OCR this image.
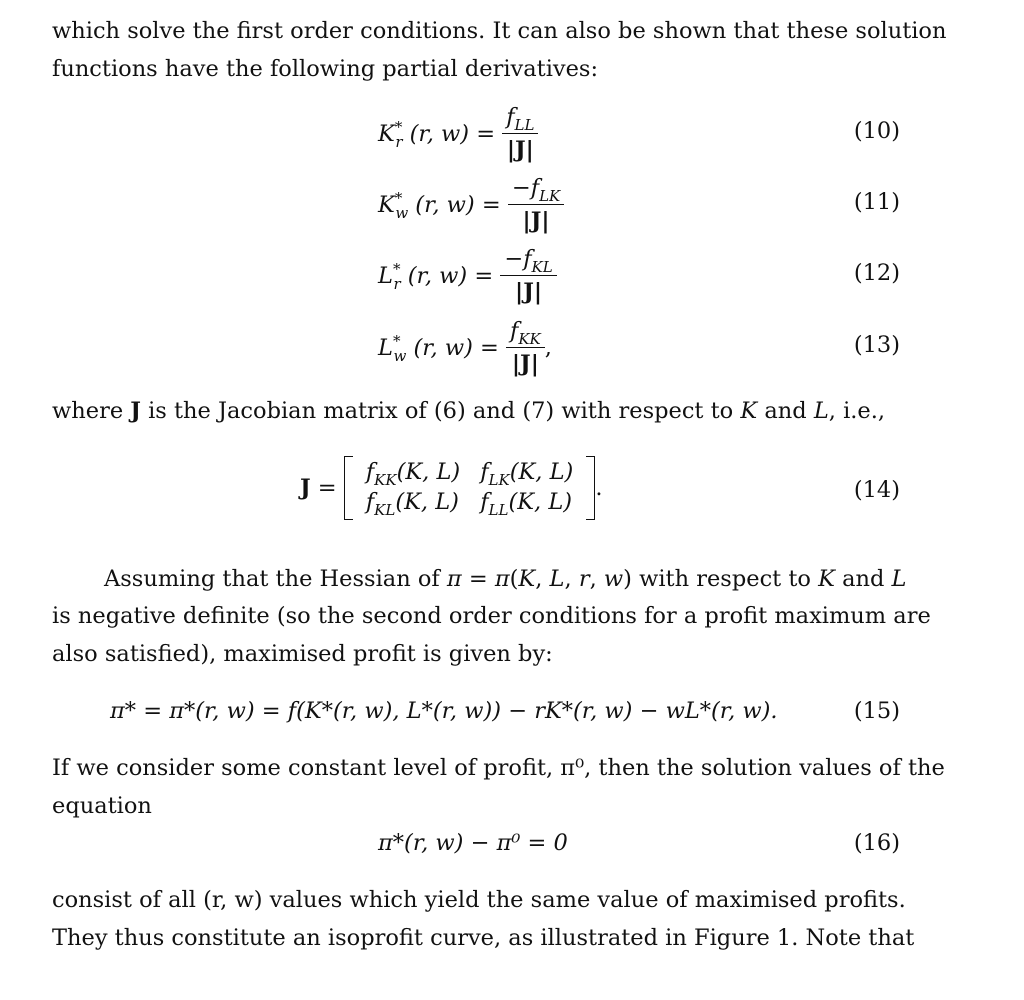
which solve the first order conditions. It can also be shown that these solution
functions have the following partial derivatives:
$K^*_r$ (r, $w) = \frac{f_{LL}}{|J|}$	(10)
$K^*_w$ (r, $w) = \frac{-f_{LK}}{|J|}$	(11)
$L^*_r$ (r, $w) = \frac{-f_{KL}}{|J|}$	(12)
$L^*_w$ (r, $w) = \frac{f_{KK}}{|J|}$ ,	(13)
where J is the Jacobian matrix of (6) and (7) with respect to K and L, i.e.,
J =
$f_{KK}(K$, L)	$f_{LK}(K$, L)
$f_{KL}(K$, L)	$f_{LL}(K$, L)
.	(14)
Assuming that the Hessian of π = π(K, L, r, w) with respect to K and L
is negative definite (so the second order conditions for a profit maximum are
also satisfied), maximised profit is given by:
π* = π*(r, w) = f(K*(r, w), L*(r, w)) − rK*(r, w) − wL*(r, w).	(15)
If we consider some constant level of profit, π⁰, then the solution values of the
equation
π*(r, w) − π⁰ = 0	(16)
consist of all (r, w) values which yield the same value of maximised profits.
They thus constitute an isoprofit curve, as illustrated in Figure 1. Note that
